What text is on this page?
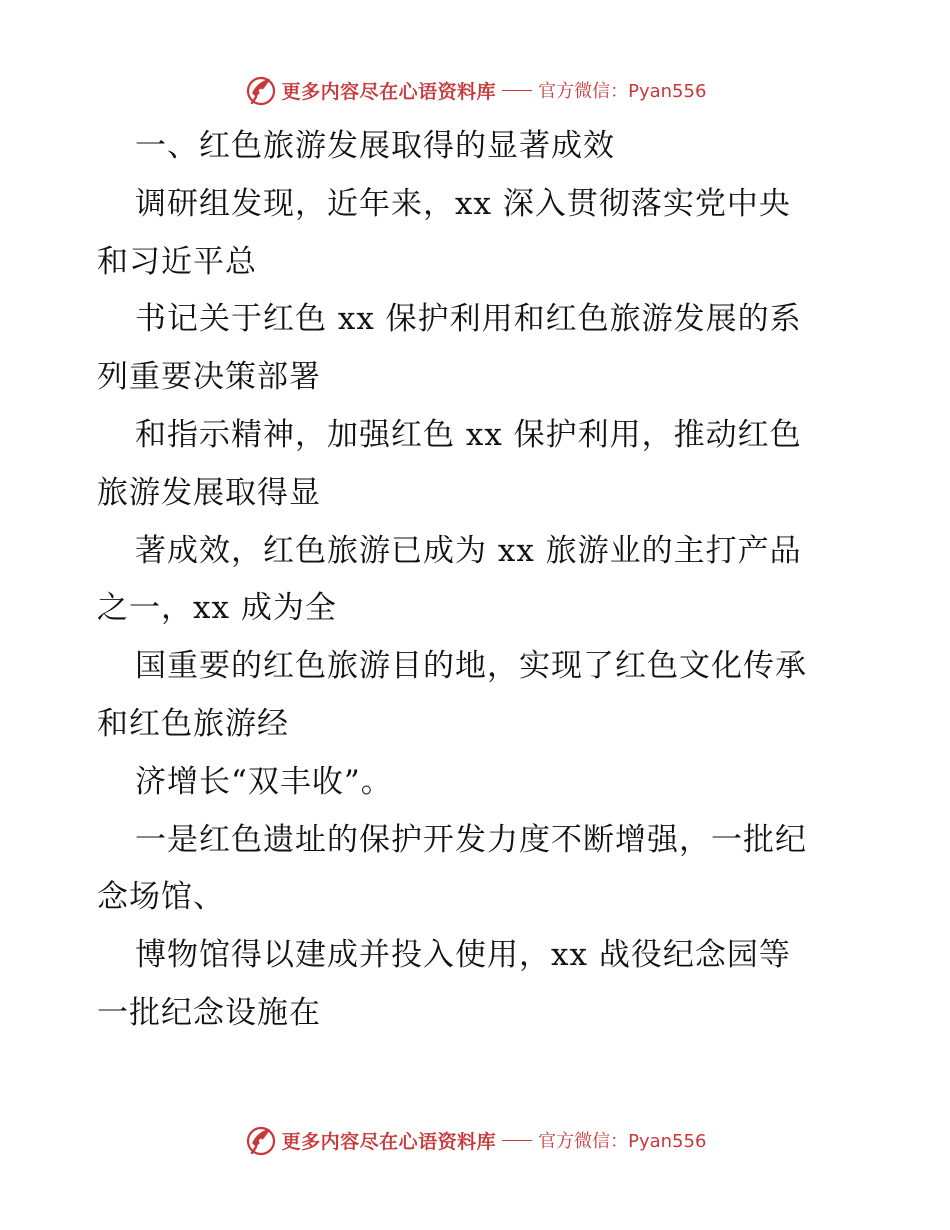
更多内容尽在心语资料库 官方微信：Pyan556
一、红色旅游发展取得的显著成效
调研组发现，近年来，xx 深入贯彻落实党中央
和习近平总
书记关于红色 xx 保护利用和红色旅游发展的系
列重要决策部署
和指示精神，加强红色 xx 保护利用，推动红色
旅游发展取得显
著成效，红色旅游已成为 xx 旅游业的主打产品
之一，xx 成为全
国重要的红色旅游目的地，实现了红色文化传承
和红色旅游经
济增长“双丰收”。
一是红色遗址的保护开发力度不断增强，一批纪
念场馆、
博物馆得以建成并投入使用，xx 战役纪念园等
一批纪念设施在
更多内容尽在心语资料库 官方微信：Pyan556
